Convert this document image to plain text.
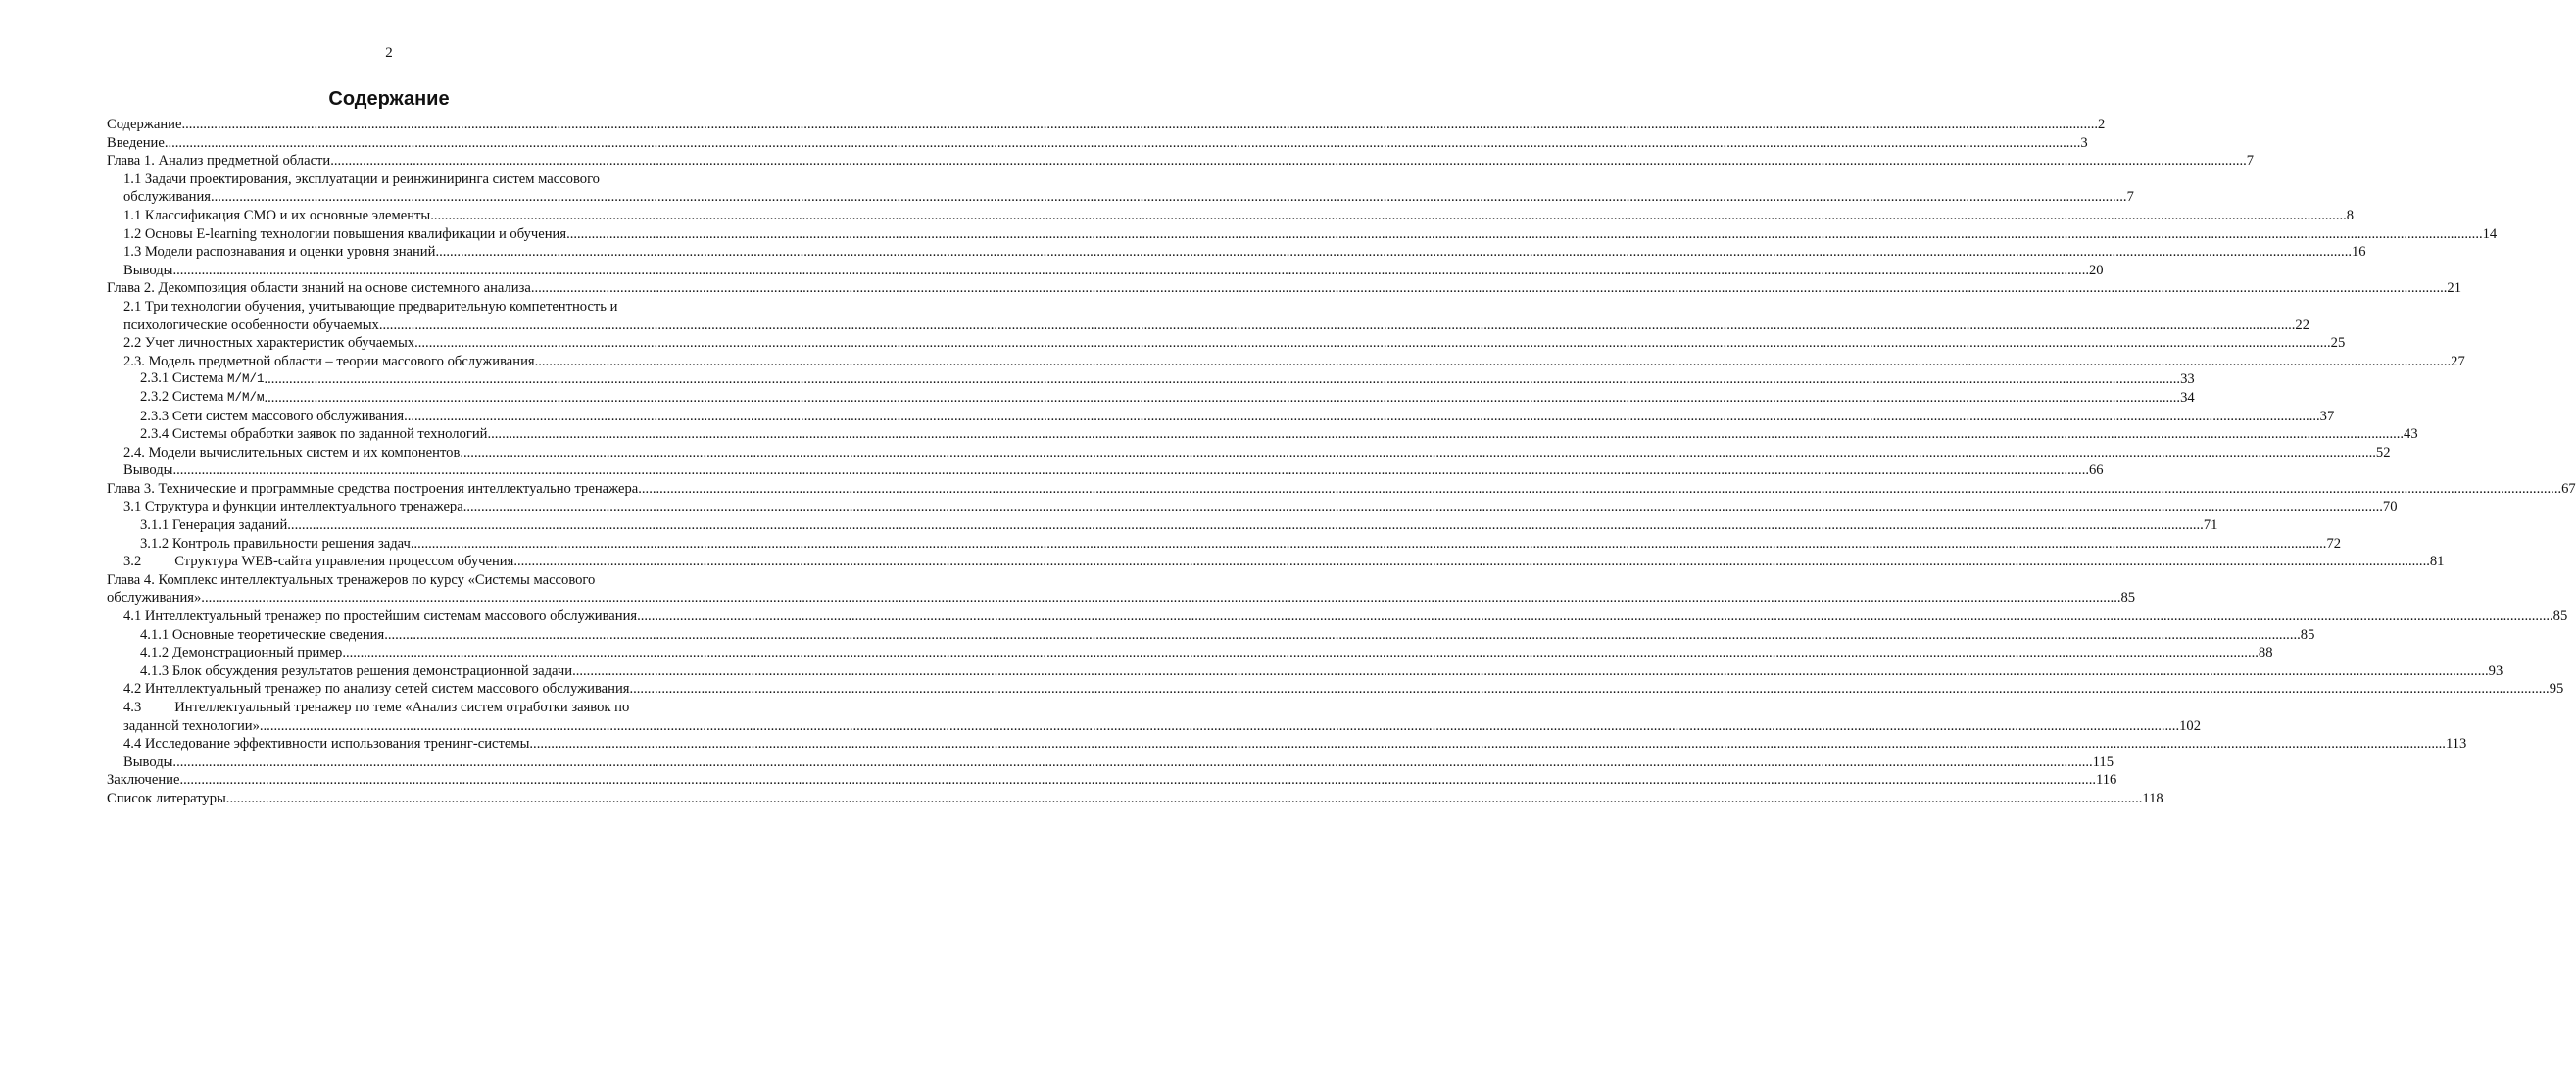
2
Содержание
Содержание .....	2
Введение .....	3
Глава 1. Анализ предметной области .....	7
1.1 Задачи проектирования, эксплуатации и реинжиниринга систем массового
обслуживания .....	7
1.1 Классификация СМО и их основные элементы .....	8
1.2 Основы E-learning технологии повышения квалификации и обучения .....	14
1.3 Модели распознавания и оценки уровня знаний .....	16
Выводы .....	20
Глава 2. Декомпозиция области знаний на основе системного анализа .....	21
2.1 Три технологии обучения, учитывающие предварительную компетентность и
психологические особенности обучаемых .....	22
2.2 Учет личностных характеристик обучаемых .....	25
2.3. Модель предметной области – теории массового обслуживания .....	27
2.3.1 Система M/M/1 .....	33
2.3.2 Система M/M/м .....	34
2.3.3 Сети систем массового обслуживания .....	37
2.3.4 Системы обработки заявок по заданной технологий .....	43
2.4. Модели вычислительных систем и их компонентов .....	52
Выводы .....	66
Глава 3. Технические и программные средства построения интеллектуально тренажера. .....	.67
3.1 Структура и функции интеллектуального тренажера. .....	70
3.1.1 Генерация заданий .....	71
3.1.2 Контроль правильности решения задач .....	72
3.2 Структура WEB-сайта управления процессом обучения .....	81
Глава 4. Комплекс интеллектуальных тренажеров по курсу «Системы массового
обслуживания». .....	85
4.1 Интеллектуальный тренажер по простейшим системам массового обслуживания .....	85
4.1.1 Основные теоретические сведения .....	85
4.1.2 Демонстрационный пример .....	88
4.1.3 Блок обсуждения результатов решения демонстрационной задачи .....	93
4.2 Интеллектуальный тренажер по анализу сетей систем массового обслуживания .....	.95
4.3 Интеллектуальный тренажер по теме «Анализ систем отработки заявок по
заданной технологии». .....	102
4.4 Исследование эффективности использования тренинг-системы .....	113
Выводы. .....	115
Заключение .....	116
Список литературы .....	118
